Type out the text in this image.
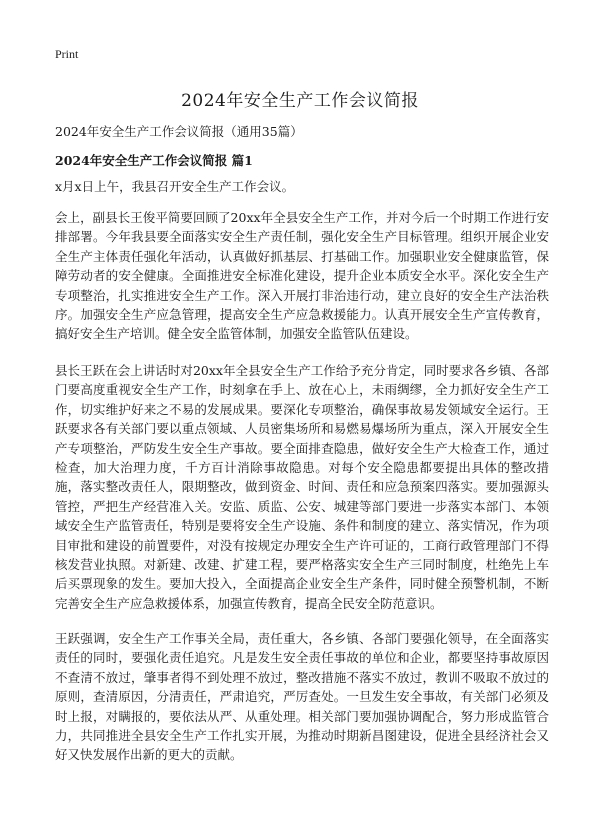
Print
2024年安全生产工作会议简报

2024年安全生产工作会议简报（通用35篇）

2024年安全生产工作会议简报 篇1

x月x日上午，我县召开安全生产工作会议。

会上，副县长王俊平简要回顾了20xx年全县安全生产工作，并对今后一个时期工作进行安排部署。今年我县要全面落实安全生产责任制，强化安全生产目标管理。组织开展企业安全生产主体责任强化年活动，认真做好抓基层、打基础工作。加强职业安全健康监管，保障劳动者的安全健康。全面推进安全标准化建设，提升企业本质安全水平。深化安全生产专项整治，扎实推进安全生产工作。深入开展打非治违行动，建立良好的安全生产法治秩序。加强安全生产应急管理，提高安全生产应急救援能力。认真开展安全生产宣传教育，搞好安全生产培训。健全安全监管体制，加强安全监管队伍建设。

县长王跃在会上讲话时对20xx年全县安全生产工作给予充分肯定，同时要求各乡镇、各部门要高度重视安全生产工作，时刻拿在手上、放在心上，未雨绸缪，全力抓好安全生产工作，切实维护好来之不易的发展成果。要深化专项整治，确保事故易发领域安全运行。王跃要求各有关部门要以重点领域、人员密集场所和易燃易爆场所为重点，深入开展安全生产专项整治，严防发生安全生产事故。要全面排查隐患，做好安全生产大检查工作，通过检查，加大治理力度，千方百计消除事故隐患。对每个安全隐患都要提出具体的整改措施，落实整改责任人，限期整改，做到资金、时间、责任和应急预案四落实。要加强源头管控，严把生产经营准入关。安监、质监、公安、城建等部门要进一步落实本部门、本领域安全生产监管责任，特别是要将安全生产设施、条件和制度的建立、落实情况，作为项目审批和建设的前置要件，对没有按规定办理安全生产许可证的，工商行政管理部门不得核发营业执照。对新建、改建、扩建工程，要严格落实安全生产三同时制度，杜绝先上车后买票现象的发生。要加大投入，全面提高企业安全生产条件，同时健全预警机制，不断完善安全生产应急救援体系，加强宣传教育，提高全民安全防范意识。

王跃强调，安全生产工作事关全局，责任重大，各乡镇、各部门要强化领导，在全面落实责任的同时，要强化责任追究。凡是发生安全责任事故的单位和企业，都要坚持事故原因不查清不放过，肇事者得不到处理不放过，整改措施不落实不放过，教训不吸取不放过的原则，查清原因，分清责任，严肃追究，严厉查处。一旦发生安全事故，有关部门必须及时上报，对瞒报的，要依法从严、从重处理。相关部门要加强协调配合，努力形成监管合力，共同推进全县安全生产工作扎实开展，为推动时期新昌图建设，促进全县经济社会又好又快发展作出新的更大的贡献。
